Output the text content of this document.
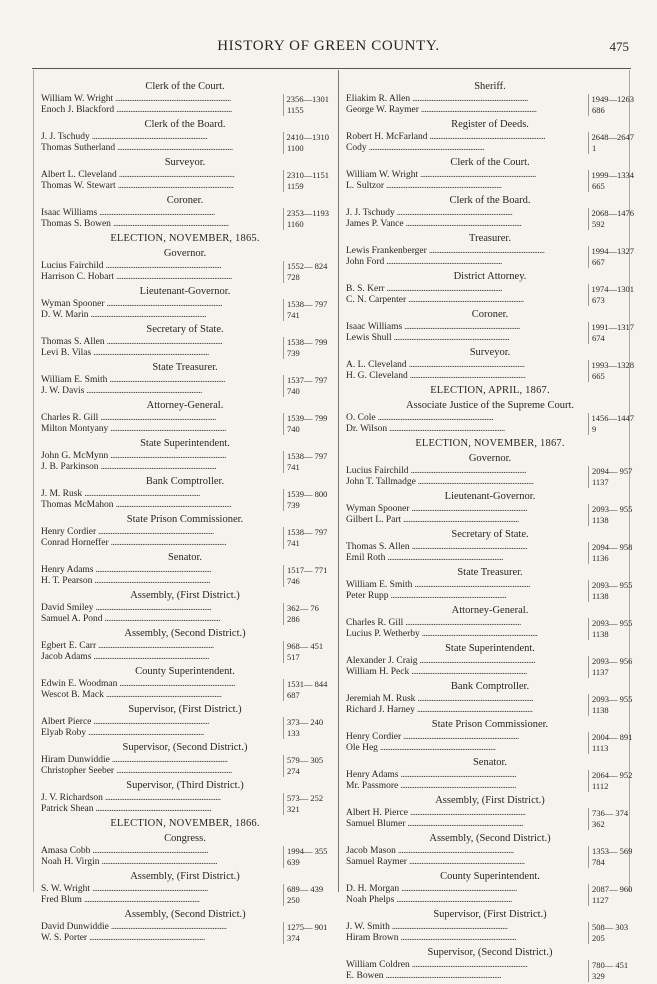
HISTORY OF GREEN COUNTY.	475
Clerk of the Court.
William W. Wright . . .	2356—1301
Enoch J. Blackford . . .	1155
Clerk of the Board.
J. J. Tschudy . . .	2410—1310
Thomas Sutherland . . .	1100
Surveyor.
Albert L. Cleveland . . .	2310—1151
Thomas W. Stewart . . .	1159
Coroner.
Isaac Williams . . .	2353—1193
Thomas S. Bowen . . .	1160
ELECTION, NOVEMBER, 1865.
Governor.
Lucius Fairchild . . .	1552— 824
Harrison C. Hobart . . .	728
Lieutenant-Governor.
Wyman Spooner . . .	1538— 797
D. W. Marin . . .	741
Secretary of State.
Thomas S. Allen . . .	1538— 799
Levi B. Vilas . . .	739
State Treasurer.
William E. Smith . . .	1537— 797
J. W. Davis . . .	740
Attorney-General.
Charles R. Gill . . .	1539— 799
Milton Montyany . . .	740
State Superintendent.
John G. McMynn . . .	1538— 797
J. B. Parkinson . . .	741
Bank Comptroller.
J. M. Rusk . . .	1539— 800
Thomas McMahon . . .	739
State Prison Commissioner.
Henry Cordier . . .	1538— 797
Conrad Horneffer . . .	741
Senator.
Henry Adams . . .	1517— 771
H. T. Pearson . . .	746
Assembly, (First District.)
David Smiley . . .	362— 76
Samuel A. Pond . . .	286
Assembly, (Second District.)
Egbert E. Carr . . .	968— 451
Jacob Adams . . .	517
County Superintendent.
Edwin E. Woodman . . .	1531— 844
Wescot B. Mack . . .	687
Supervisor, (First District.)
Albert Pierce . . .	373— 240
Elyab Roby . . .	133
Supervisor, (Second District.)
Hiram Dunwiddie . . .	579— 305
Christopher Seeber . . .	274
Supervisor, (Third District.)
J. V. Richardson . . .	573— 252
Patrick Shean . . .	321
ELECTION, NOVEMBER, 1866.
Congress.
Amasa Cobb . . .	1994— 355
Noah H. Virgin . . .	639
Assembly, (First District.)
S. W. Wright . . .	689— 439
Fred Blum . . .	250
Assembly, (Second District.)
David Dunwiddie . . .	1275— 901
W. S. Porter . . .	374
Sheriff.
Eliakim R. Allen . . .	1949—1263
George W. Raymer . . .	686
Register of Deeds.
Robert H. McFarland . . .	2648—2647
Cody . . .	1
Clerk of the Court.
William W. Wright . . .	1999—1334
L. Sultzor . . .	665
Clerk of the Board.
J. J. Tschudy . . .	2068—1476
James P. Vance . . .	592
Treasurer.
Lewis Frankenberger . . .	1994—1327
John Ford . . .	667
District Attorney.
B. S. Kerr . . .	1974—1301
C. N. Carpenter . . .	673
Coroner.
Isaac Williams . . .	1991—1317
Lewis Shull . . .	674
Surveyor.
A. L. Cleveland . . .	1993—1328
H. G. Cleveland . . .	665
ELECTION, APRIL, 1867.
Associate Justice of the Supreme Court.
O. Cole . . .	1456—1447
Dr. Wilson . . .	9
ELECTION, NOVEMBER, 1867.
Governor.
Lucius Fairchild . . .	2094— 957
John T. Tallmadge . . .	1137
Lieutenant-Governor.
Wyman Spooner . . .	2093— 955
Gilbert L. Part . . .	1138
Secretary of State.
Thomas S. Allen . . .	2094— 958
Emil Roth . . .	1136
State Treasurer.
William E. Smith . . .	2093— 955
Peter Rupp . . .	1138
Attorney-General.
Charles R. Gill . . .	2093— 955
Lucius P. Wetherby . . .	1138
State Superintendent.
Alexander J. Craig . . .	2093— 956
William H. Peck . . .	1137
Bank Comptroller.
Jeremiah M. Rusk . . .	2093— 955
Richard J. Harney . . .	1138
State Prison Commissioner.
Henry Cordier . . .	2004— 891
Ole Heg . . .	1113
Senator.
Henry Adams . . .	2064— 952
Mr. Passmore . . .	1112
Assembly, (First District.)
Albert H. Pierce . . .	736— 374
Samuel Blumer . . .	362
Assembly, (Second District.)
Jacob Mason . . .	1353— 569
Samuel Raymer . . .	784
County Superintendent.
D. H. Morgan . . .	2087— 960
Noah Phelps . . .	1127
Supervisor, (First District.)
J. W. Smith . . .	508— 303
Hiram Brown . . .	205
Supervisor, (Second District.)
William Coldren . . .	780— 451
E. Bowen . . .	329
